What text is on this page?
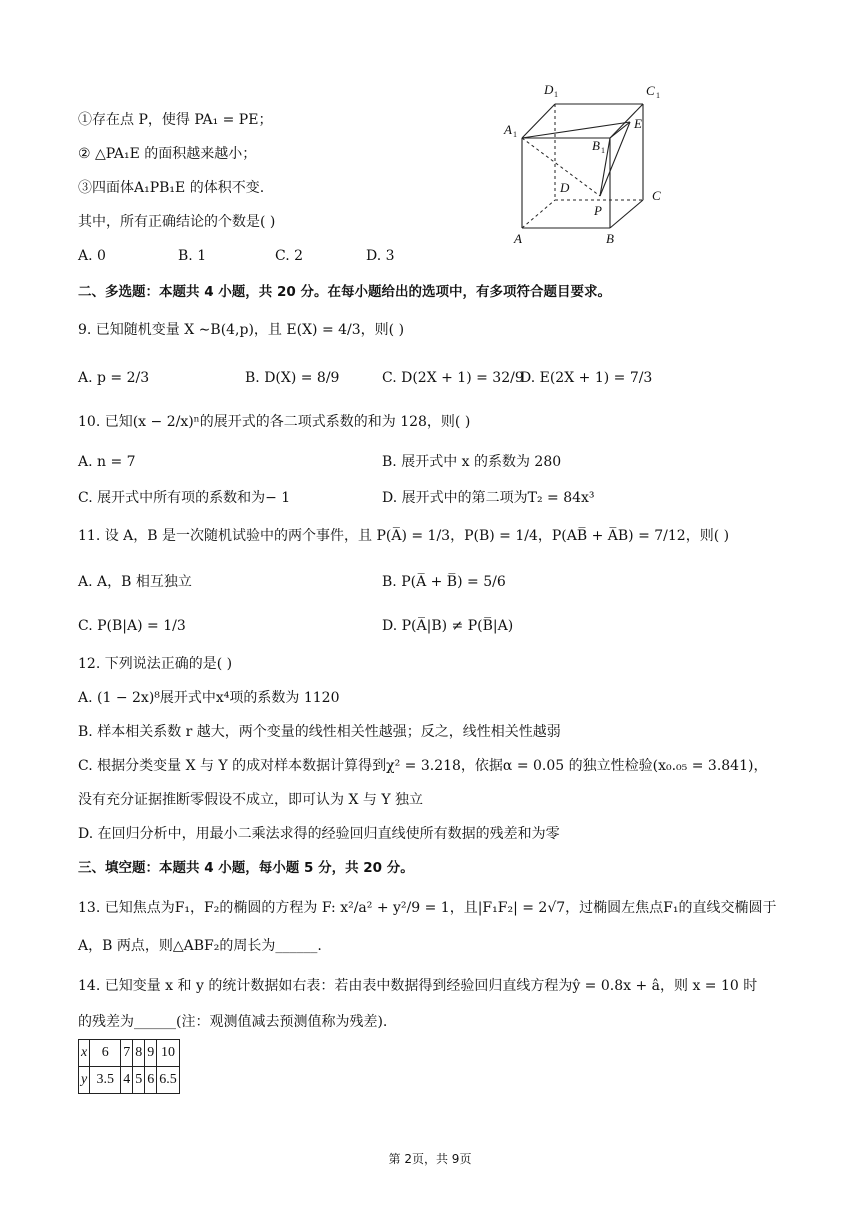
①存在点 P，使得 PA₁ = PE；
② △PA₁E 的面积越来越小；
③四面体A₁PB₁E 的体积不变.
其中，所有正确结论的个数是( )
A. 0	B. 1	C. 2	D. 3
D 1	C 1
A 1
E
B 1
D
C
P
A	B
二、多选题：本题共 4 小题，共 20 分。在每小题给出的选项中，有多项符合题目要求。
9. 已知随机变量 X ∼B(4,p)，且 E(X) = 4/3，则( )
A. p = 2/3	B. D(X) = 8/9	C. D(2X + 1) = 32/9
D. E(2X + 1) = 7/3
10. 已知(x − 2/x)ⁿ的展开式的各二项式系数的和为 128，则( )
A. n = 7	B. 展开式中 x 的系数为 280
C. 展开式中所有项的系数和为− 1	D. 展开式中的第二项为T₂ = 84x³
11. 设 A，B 是一次随机试验中的两个事件，且 P(A̅) = 1/3，P(B) = 1/4，P(AB̅ + A̅B) = 7/12，则( )
A. A，B 相互独立	B. P(A̅ + B̅) = 5/6
C. P(B|A) = 1/3	D. P(A̅|B) ≠ P(B̅|A)
12. 下列说法正确的是( )
A. (1 − 2x)⁸展开式中x⁴项的系数为 1120
B. 样本相关系数 r 越大，两个变量的线性相关性越强；反之，线性相关性越弱
C. 根据分类变量 X 与 Y 的成对样本数据计算得到χ² = 3.218，依据α = 0.05 的独立性检验(x₀.₀₅ = 3.841)，
没有充分证据推断零假设不成立，即可认为 X 与 Y 独立
D. 在回归分析中，用最小二乘法求得的经验回归直线使所有数据的残差和为零
三、填空题：本题共 4 小题，每小题 5 分，共 20 分。
13. 已知焦点为F₁，F₂的椭圆的方程为 F: x²/a² + y²/9 = 1，且|F₁F₂| = 2√7，过椭圆左焦点F₁的直线交椭圆于
A，B 两点，则△ABF₂的周长为______.
14. 已知变量 x 和 y 的统计数据如右表：若由表中数据得到经验回归直线方程为ŷ = 0.8x + â，则 x = 10 时
的残差为______(注：观测值减去预测值称为残差).
x	6	7	8	9	10
y	3.5	4	5	6	6.5
第 2页，共 9页
